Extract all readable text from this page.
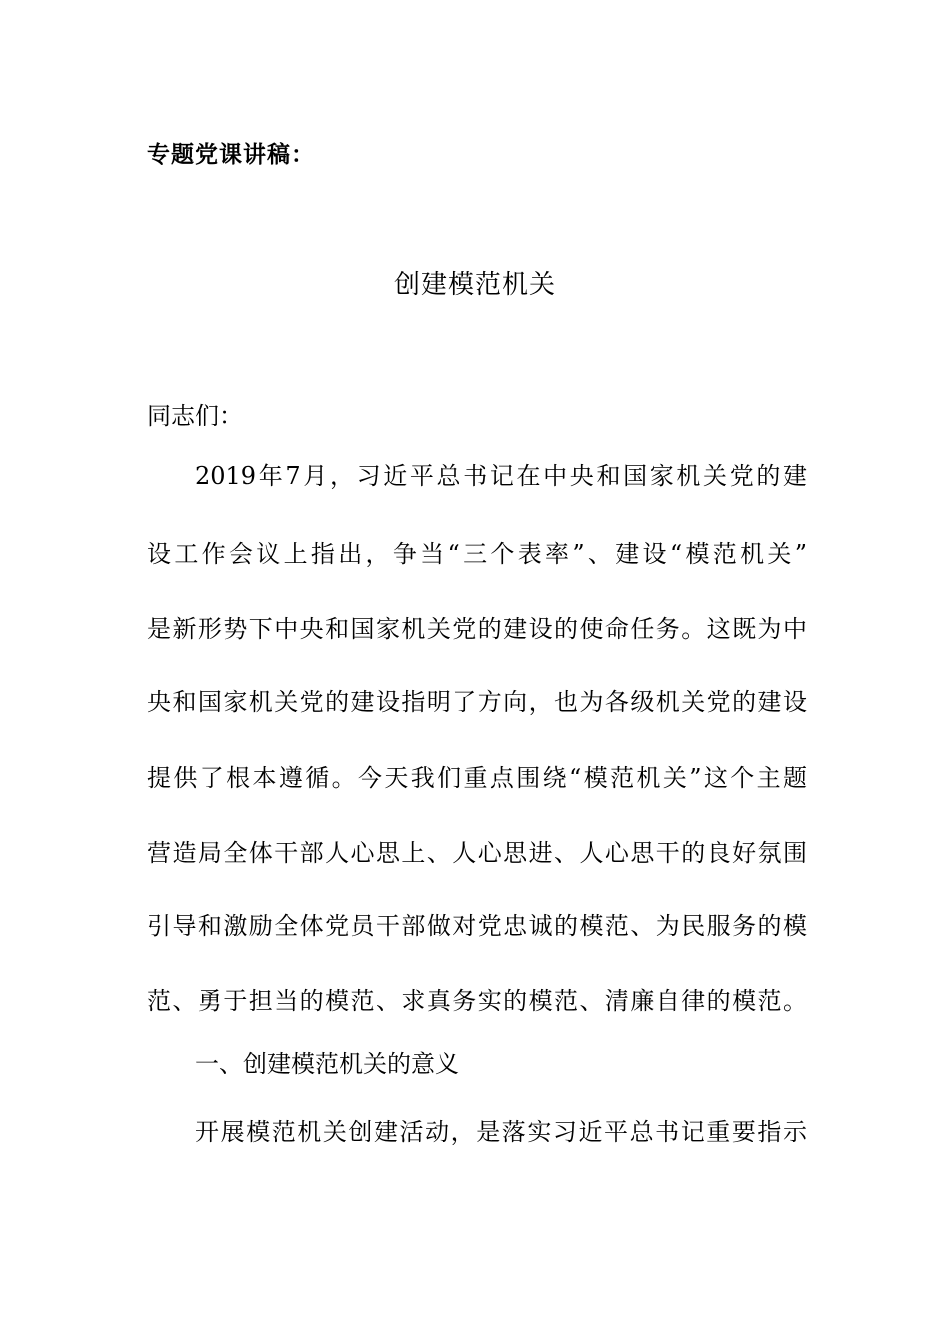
专题党课讲稿：
创建模范机关
同志们：
2019年7月，习近平总书记在中央和国家机关党的建
设工作会议上指出，争当“三个表率”、建设“模范机关”
是新形势下中央和国家机关党的建设的使命任务。这既为中
央和国家机关党的建设指明了方向，也为各级机关党的建设
提供了根本遵循。今天我们重点围绕“模范机关”这个主题
营造局全体干部人心思上、人心思进、人心思干的良好氛围
引导和激励全体党员干部做对党忠诚的模范、为民服务的模
范、勇于担当的模范、求真务实的模范、清廉自律的模范。
一、创建模范机关的意义
开展模范机关创建活动，是落实习近平总书记重要指示
